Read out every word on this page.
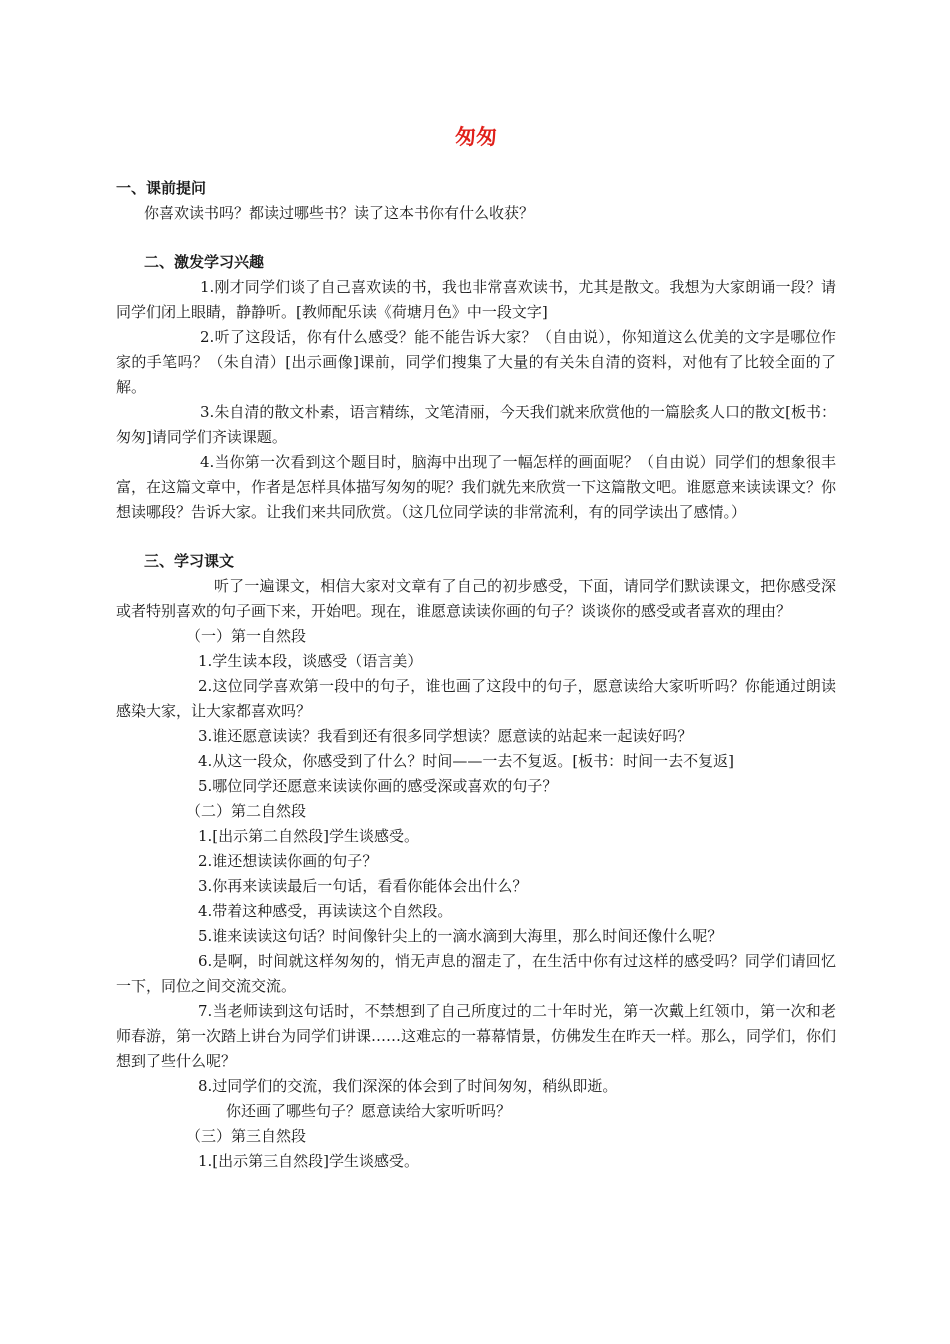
匆匆
一、课前提问

你喜欢读书吗？都读过哪些书？读了这本书你有什么收获？

二、激发学习兴趣

1.刚才同学们谈了自己喜欢读的书，我也非常喜欢读书，尤其是散文。我想为大家朗诵一段？请同学们闭上眼睛，静静听。[教师配乐读《荷塘月色》中一段文字]

2.听了这段话，你有什么感受？能不能告诉大家？（自由说），你知道这么优美的文字是哪位作家的手笔吗？（朱自清）[出示画像]课前，同学们搜集了大量的有关朱自清的资料，对他有了比较全面的了解。

3.朱自清的散文朴素，语言精练，文笔清丽，今天我们就来欣赏他的一篇脍炙人口的散文[板书：匆匆]请同学们齐读课题。

4.当你第一次看到这个题目时，脑海中出现了一幅怎样的画面呢？（自由说）同学们的想象很丰富，在这篇文章中，作者是怎样具体描写匆匆的呢？我们就先来欣赏一下这篇散文吧。谁愿意来读读课文？你想读哪段？告诉大家。让我们来共同欣赏。（这几位同学读的非常流利，有的同学读出了感情。）

三、学习课文

听了一遍课文，相信大家对文章有了自己的初步感受，下面，请同学们默读课文，把你感受深或者特别喜欢的句子画下来，开始吧。现在，谁愿意读读你画的句子？谈谈你的感受或者喜欢的理由？

（一）第一自然段

1.学生读本段，谈感受（语言美）

2.这位同学喜欢第一段中的句子，谁也画了这段中的句子，愿意读给大家听听吗？你能通过朗读感染大家，让大家都喜欢吗？

3.谁还愿意读读？我看到还有很多同学想读？愿意读的站起来一起读好吗？

4.从这一段众，你感受到了什么？时间——一去不复返。[板书：时间一去不复返]

5.哪位同学还愿意来读读你画的感受深或喜欢的句子？

（二）第二自然段

1.[出示第二自然段]学生谈感受。

2.谁还想读读你画的句子？

3.你再来读读最后一句话，看看你能体会出什么？

4.带着这种感受，再读读这个自然段。

5.谁来读读这句话？时间像针尖上的一滴水滴到大海里，那么时间还像什么呢？

6.是啊，时间就这样匆匆的，悄无声息的溜走了，在生活中你有过这样的感受吗？同学们请回忆一下，同位之间交流交流。

7.当老师读到这句话时，不禁想到了自己所度过的二十年时光，第一次戴上红领巾，第一次和老师春游，第一次踏上讲台为同学们讲课……这难忘的一幕幕情景，仿佛发生在昨天一样。那么，同学们，你们想到了些什么呢？

8.过同学们的交流，我们深深的体会到了时间匆匆，稍纵即逝。

你还画了哪些句子？愿意读给大家听听吗？

（三）第三自然段

1.[出示第三自然段]学生谈感受。
